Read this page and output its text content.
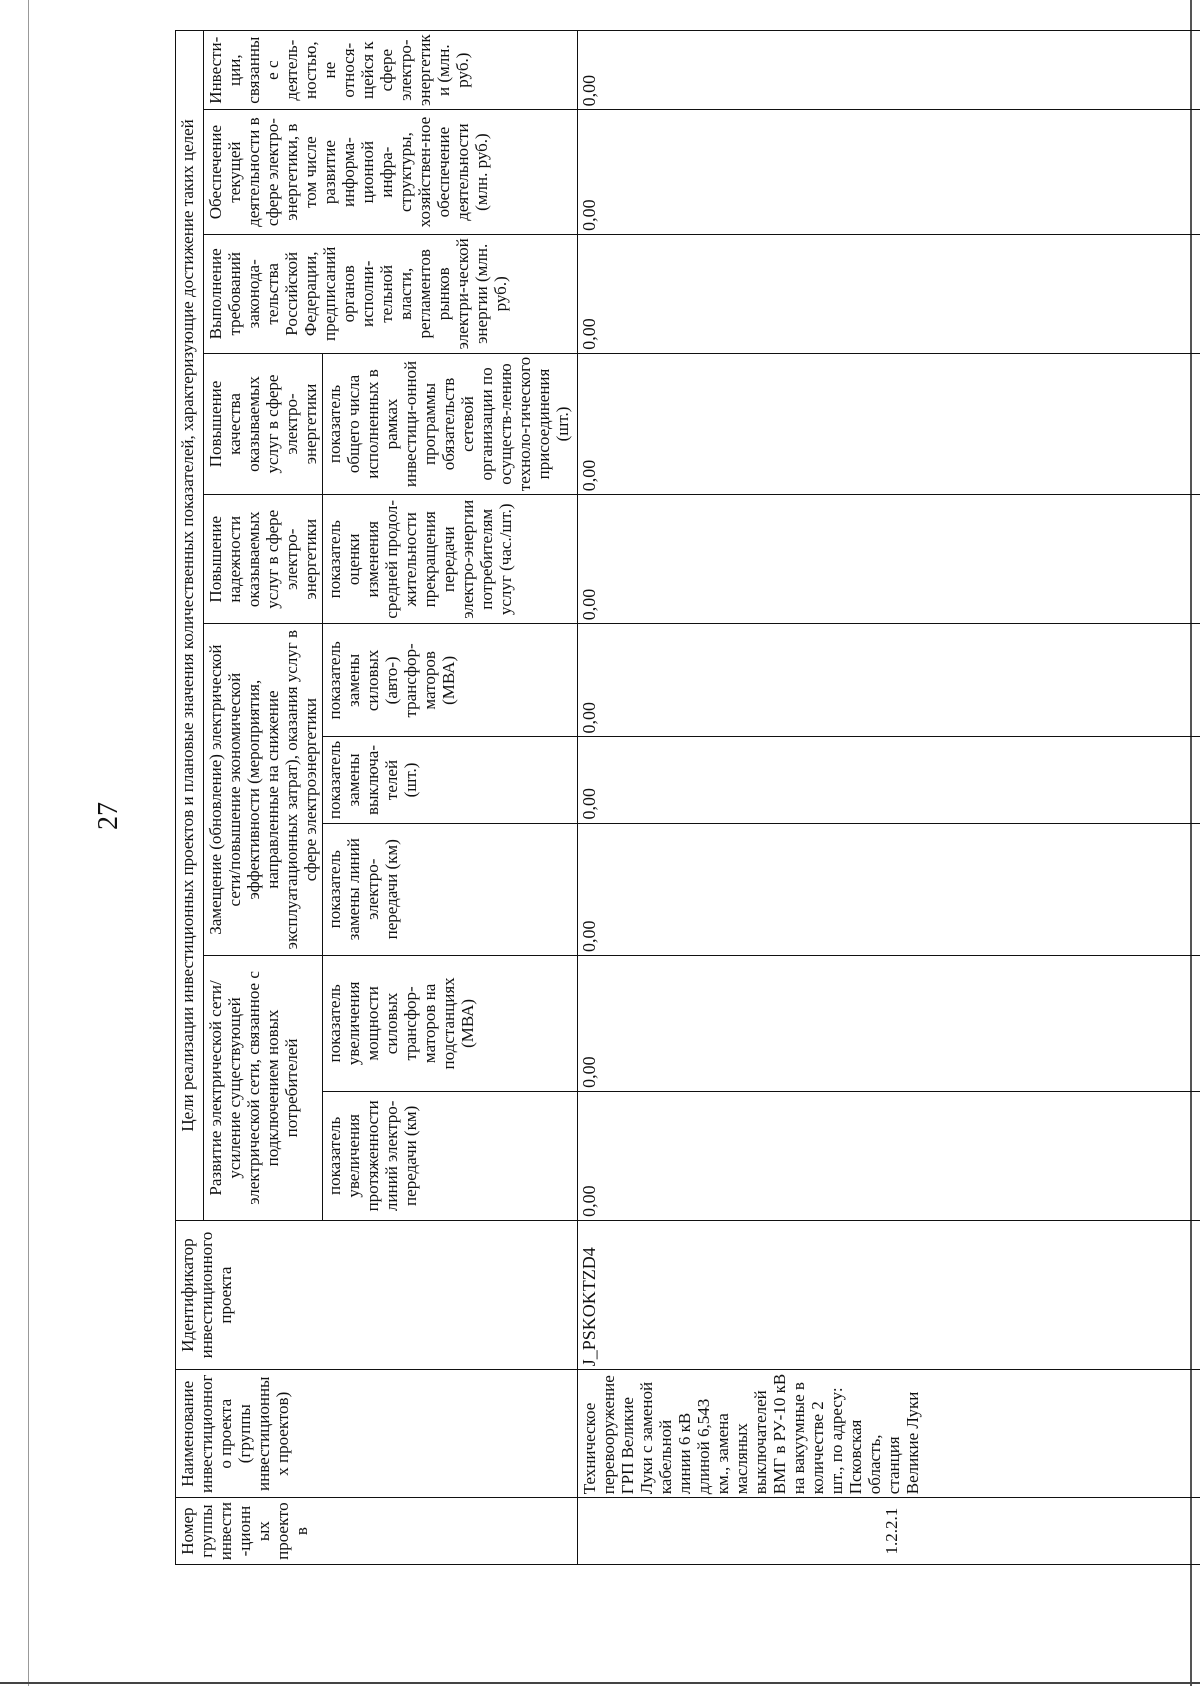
27
Номер группы инвести-ционных проектов	Наименование инвестиционного проекта (группы инвестиционных проектов)	Идентификатор инвестиционного проекта	Цели реализации инвестиционных проектов и плановые значения количественных показателей, характеризующие достижение таких целей									
			Развитие электрической сети/усиление существующей электрической сети, связанное с подключением новых потребителей		Замещение (обновление) электрической сети/повышение экономической эффективности (мероприятия, направленные на снижение эксплуатационных затрат), оказания услуг в сфере электроэнергетики			Повышение надежности оказываемых услуг в сфере электро-энергетики	Повышение качества оказываемых услуг в сфере электро-энергетики	Выполнение требований законода-тельства Российской Федерации, предписаний органов исполни-тельной власти, регламентов рынков электри-ческой энергии (млн. руб.)	Обеспечение текущей деятельности в сфере электро-энергетики, в том числе развитие информа-ционной инфра-структуры, хозяйствен-ное обеспечение деятельности (млн. руб.)	Инвести-ции, связанные с деятель-ностью, не относя-щейся к сфере электро-энергетики (млн. руб.)
			показатель увеличения протяженности линий электро-передачи (км)	показатель увеличения мощности силовых трансфор-маторов на подстанциях (МВА)	показатель замены линий электро-передачи (км)	показатель замены выключа-телей (шт.)	показатель замены силовых (авто-) трансфор-маторов (МВА)	показатель оценки изменения средней продол-жительности прекращения передачи электро-энергии потребителям услуг (час./шт.)	показатель общего числа исполненных в рамках инвестици-онной программы обязательств сетевой организации по осуществ-лению техноло-гического присоединения (шт.)			

1.2.2.1	Техническое перевооружение ГРП Великие Луки с заменой кабельной линии 6 кВ длиной 6,543 км., замена масляных выключателей ВМГ в РУ-10 кВ на вакуумные в количестве 2 шт., по адресу: Псковская область, станция Великие Луки	J_PSKOKTZD4	0,00	0,00	0,00	0,00	0,00	0,00	0,00	0,00	0,00	0,00
